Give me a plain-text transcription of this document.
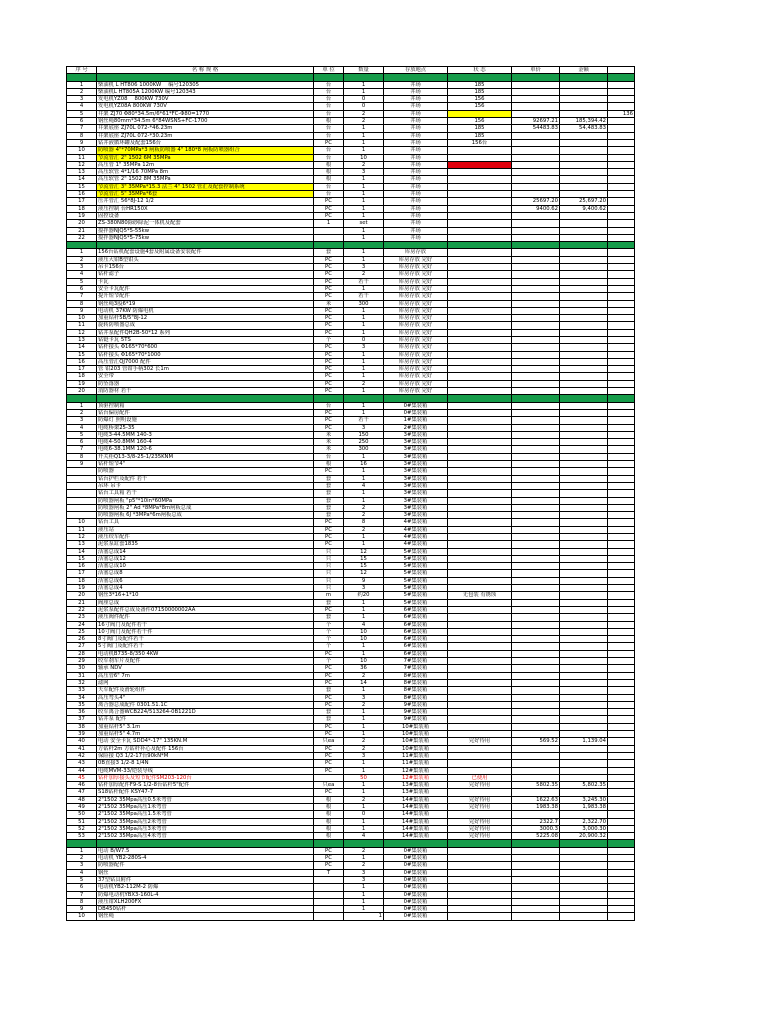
序 号	名 称 规 格	单 位	数量	存放地点	状 态	单价	金额	

1	柴油机 L HT806 1000KW 　编号120305	台	1	井场	185			
2	柴油机L HT805A 1200KW 编号120343	台	1	井场	185			
3	发电机YZ08 　800KW 730V	台	0	井场	156			
4	发电机YZ08A 800KW 730V	台	0	井场	156			
5	井架 ZJ70 Φ80*34.5m/6*61*FC-Φ80=1770	台	2	井场				136
6	钢丝绳80mm*34.5m 6*84WSNS+FC-1700	根	2	井场	156	92697.21	185,394.42	
7	井架底座 ZJ70L 072-*46.23m	台	1	井场	185	54483.83	54,483.83	
8	井架底座 ZJ70L 072-*30.23m	台	1	井场	185			
9	钻井液循环罐及配套156台	PC	1	井场	156台			
10	防喷器 4"*70MPa*3 闸板防喷器 4" 180*8 闸板防喷器组合	台	1	井场				
11	节流管汇 2" 1502 6M 35MPa	台	10	井场				
12	高压管 1" 35MPa 12m	根	2	井场				
13	高压软管 4*1/16 70MPa 8m	根	3	井场				
14	高压软管 2" 1502 8M 35MPa	根	1	井场				
15	节流管汇 3" 35MPa*15.3 法兰 4" 1502 管汇及配套控制系统	台	1	井场				
16	节流管汇 5" 35MPa*6套	台	1	井场				
17	压井管汇 56*8J-12 1/2	PC	1	井场		25697.20	25,697.20	
18	液压控制 台HR150X	PC	1	井场		9400.62	9,400.62	
19	固控设备	PC	1	井场				
20	ZS-380N80除砂除泥一体机及配套	1	set	井场				
21	搅拌器NJQ5*5-55kw		1	井场				
22	搅拌器NJQ5*5-75kw		1	井场				

1	156台钻机配套设施4套及附属设备安装配件	套	1	库房存放				
2	液压大钳B型钳头	PC	1	库房存放 完好				
3	吊卡156台	PC	3	库房存放 完好				
4	钻杆滤子	PC	2	库房存放 完好				
5	卡瓦	PC	若干	库房存放 完好				
6	安全卡瓦配件	PC	1	库房存放 完好				
7	提升短节配件	PC	若干	库房存放 完好				
8	钢丝绳3股6*19	米	300	库房存放 完好				
9	电动机 37KW 防爆电机	PC	1	库房存放 完好				
10	加重钻杆5B/5"8J-12	PC	1	库房存放 完好				
11	旋转防喷器总成	PC	1	库房存放 完好				
12	钻井泵配件QH2B-50*12 系列	PC	1	库房存放 完好				
13	钻铤卡瓦 5TS	个	0	库房存放 完好				
14	钻杆接头 Φ165*70*600	PC	3	库房存放 完好				
15	钻杆接头 Φ165*70*1000	PC	1	库房存放 完好				
16	高压管汇QJ7000 配件	PC	1	库房存放 完好				
17	管 钳203 管钳手柄302 长1m	PC	1	库房存放 完好				
18	安全带	PC	1	库房存放 完好				
19	防坠落器	PC	2	库房存放 完好				
20	消防器材 若干	PC	1	库房存放 完好				

1	顶驱控制箱	台	1	0#集装箱				
2	钻台偏房配件	PC	1	0#集装箱				
3	防爆灯 照明设施	PC	若干	1#集装箱				
4	电缆桥架25-35	PC	3	2#集装箱				
5	电缆3-44.5MM 140-3	米	150	3#集装箱				
6	电缆4-50.8MM 160-4	米	250	3#集装箱				
7	电缆6-38.1MM 120-6	米	300	3#集装箱				
8	开关柜Q13-3/8-25-1/235KNM	台	1	3#集装箱				
9	钻杆短节4"	根	16	3#集装箱				
	防喷器	PC	1	3#集装箱				
	钻台护栏及配件 若干	套	1	3#集装箱				
	吊环 吊卡	套	4	3#集装箱				
	钻台工具箱 若干	套	1	3#集装箱				
	防喷器闸板 "p5"*10in*60MPa	套	1	3#集装箱				
	防喷器闸板 2" Ad *8MPa*8m闸板总成	套	2	3#集装箱				
	防喷器闸板 6J *3MPa*6m闸板总成	套	2	3#集装箱				
10	钻台工具	PC	8	4#集装箱				
11	液压站	PC	2	4#集装箱				
12	液压绞车配件	PC	1	4#集装箱				
13	泥浆泵缸套1835	PC	1	4#集装箱				
14	活塞总成14	只	12	5#集装箱				
15	活塞总成12	只	15	5#集装箱				
16	活塞总成10	只	15	5#集装箱				
17	活塞总成8	只	12	5#集装箱				
18	活塞总成6	只	9	5#集装箱				
19	活塞总成4	只	3	5#集装箱				
20	钢丝3*16+1*10	m	约20	5#集装箱	无包装 有锈蚀			
21	阀座总成	套	1	5#集装箱				
22	泥浆泵配件总成及备件07150000002AA	PC	1	6#集装箱				
23	液压阀件配件	套	1	6#集装箱				
24	16寸阀门及配件若干	个	4	6#集装箱				
25	10寸阀门及配件若干件	个	10	6#集装箱				
26	8寸阀门及配件若干	个	10	6#集装箱				
27	5寸阀门及配件若干	个	1	6#集装箱				
28	电动机B735-8/350 4KW	PC	1	6#集装箱				
29	绞车刹车片及配件	个	10	7#集装箱				
30	轴承 NDV	PC	36	7#集装箱				
31	高压管6" 7m	PC	2	8#集装箱				
32	滤网	PC	14	8#集装箱				
33	天车配件及滑轮组件	套	1	8#集装箱				
34	高压弯头4"	PC	3	8#集装箱				
35	离合器总成配件 0301.51.1C	PC	2	9#集装箱				
36	绞车离合器WCB224/513264-0B1221D	套	1	9#集装箱				
37	钻井泵 配件	套	1	9#集装箱				
38	加重钻杆5" 3.1m	PC	1	10#集装箱				
39	加重钻杆5" 4.7m	PC	1	10#集装箱				
40	电动 安全卡瓦 SDD4*-17" 135KN.M	只ea	2	10#集装箱	完好待用	569.52	1,139.04	
41	方钻杆2m 方钻杆补心及配件 156台	PC	2	10#集装箱				
42	保险接 Q3 1/2-17台90kN*M	PC	3	11#集装箱				
43	0B直接3 1/2-8 1/4N	PC	1	11#集装箱				
44	电缆MVM-33/铠装导线	PC	1	12#集装箱				
45	钻杆加厚接头及短节配件SM203-120台		50	12#集装箱	已使用			
46	钻杆加厚配件F9-S 1/2-8台钻杆5"配件	只ea	1	13#集装箱	完好待用	5802.35	5,802.35	
47	S18钻杆配件 KSY47-7	PC	1	13#集装箱				
48	2"1502 35Mpa高压0.5米弯管	根	2	14#集装箱	完好待用	1622.63	3,245.30	
49	2"1502 35Mpa高压1米弯管	根	1	14#集装箱	完好待用	1983.38	1,983.38	
50	2"1502 35Mpa高压1.5米弯管	根	0	14#集装箱				
51	2"1502 35Mpa高压2米弯管	根	1	14#集装箱	完好待用	2322.7	2,322.70	
52	2"1502 35Mpa高压3米弯管	根	1	14#集装箱	完好待用	3000.3	3,000.30	
53	2"1502 35Mpa高压4米弯管	根	4	14#集装箱	完好待用	5225.08	20,900.32	

1	电动 B/W7.5	PC	2	0#集装箱				
2	电动机 YB2-280S-4	PC	1	0#集装箱				
3	防喷器配件	PC	2	0#集装箱				
4	钢丝	T	3	0#集装箱				
5	37型钻具附件		3	0#集装箱				
6	电动机YB2-112M-2 防爆		1	0#集装箱				
7	防爆电动机YBX3-160L-4		1	0#集装箱				
8	液压钳XLH200FX		1	0#集装箱				
9	DB450钻杆		1	0#集装箱				
10	钢丝绳		1	0#集装箱				
